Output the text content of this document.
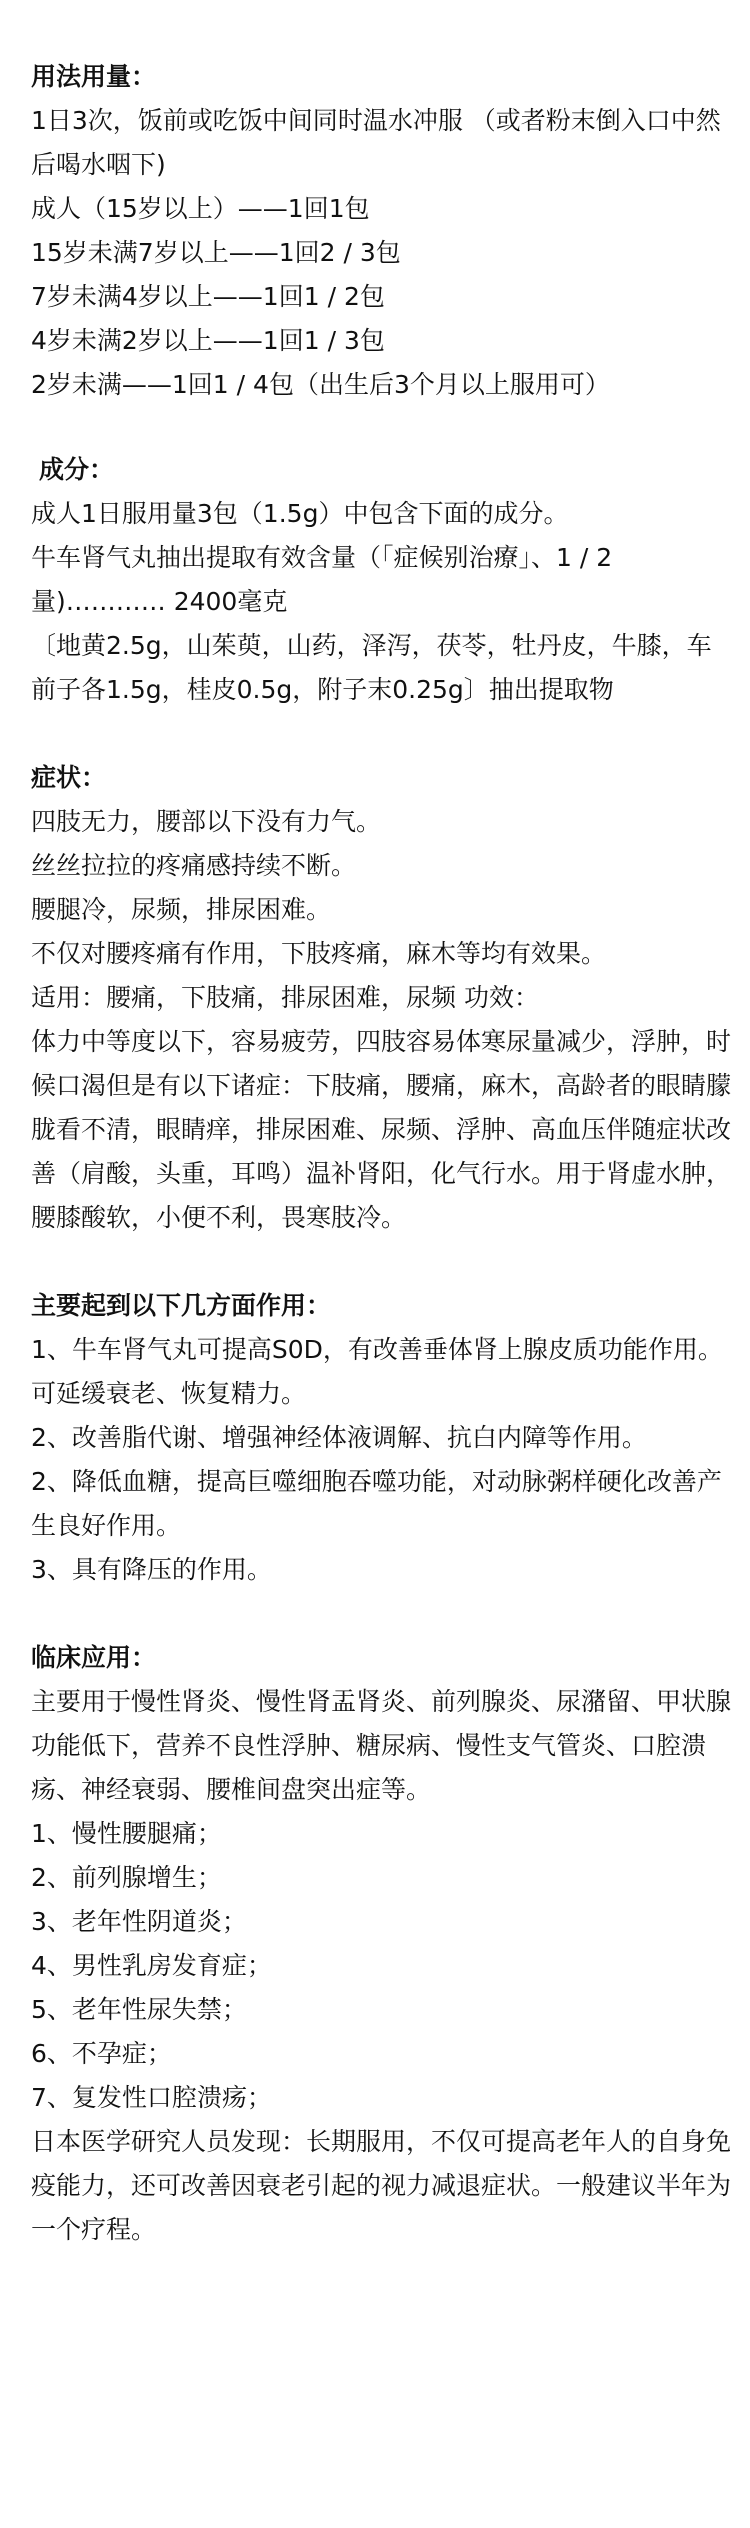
用法用量：
1日3次，饭前或吃饭中间同时温水冲服 （或者粉末倒入口中然后喝水咽下)
成人（15岁以上）——1回1包
15岁未满7岁以上——1回2 / 3包
7岁未满4岁以上——1回1 / 2包
4岁未满2岁以上——1回1 / 3包
2岁未满——1回1 / 4包（出生后3个月以上服用可）
成分：
成人1日服用量3包（1.5g）中包含下面的成分。
牛车肾气丸抽出提取有效含量（「症候别治療」、1 / 2量)………… 2400毫克
〔地黄2.5g，山茱萸，山药，泽泻，茯苓，牡丹皮，牛膝，车前子各1.5g，桂皮0.5g，附子末0.25g〕抽出提取物
症状：
四肢无力，腰部以下没有力气。
丝丝拉拉的疼痛感持续不断。
腰腿冷，尿频，排尿困难。
不仅对腰疼痛有作用，下肢疼痛，麻木等均有效果。
适用：腰痛，下肢痛，排尿困难，尿频 功效：
体力中等度以下，容易疲劳，四肢容易体寒尿量减少，浮肿，时候口渴但是有以下诸症：下肢痛，腰痛，麻木，高龄者的眼睛朦胧看不清，眼睛痒，排尿困难、尿频、浮肿、高血压伴随症状改善（肩酸，头重，耳鸣）温补肾阳，化气行水。用于肾虚水肿，腰膝酸软，小便不利，畏寒肢冷。
主要起到以下几方面作用：
1、牛车肾气丸可提高S0D，有改善垂体肾上腺皮质功能作用。可延缓衰老、恢复精力。
2、改善脂代谢、增强神经体液调解、抗白内障等作用。
2、降低血糖，提高巨噬细胞吞噬功能，对动脉粥样硬化改善产生良好作用。
3、具有降压的作用。
临床应用：
主要用于慢性肾炎、慢性肾盂肾炎、前列腺炎、尿潴留、甲状腺功能低下，营养不良性浮肿、糖尿病、慢性支气管炎、口腔溃疡、神经衰弱、腰椎间盘突出症等。
1、慢性腰腿痛；
2、前列腺增生；
3、老年性阴道炎；
4、男性乳房发育症；
5、老年性尿失禁；
6、不孕症；
7、复发性口腔溃疡；
日本医学研究人员发现：长期服用，不仅可提高老年人的自身免疫能力，还可改善因衰老引起的视力减退症状。一般建议半年为一个疗程。
